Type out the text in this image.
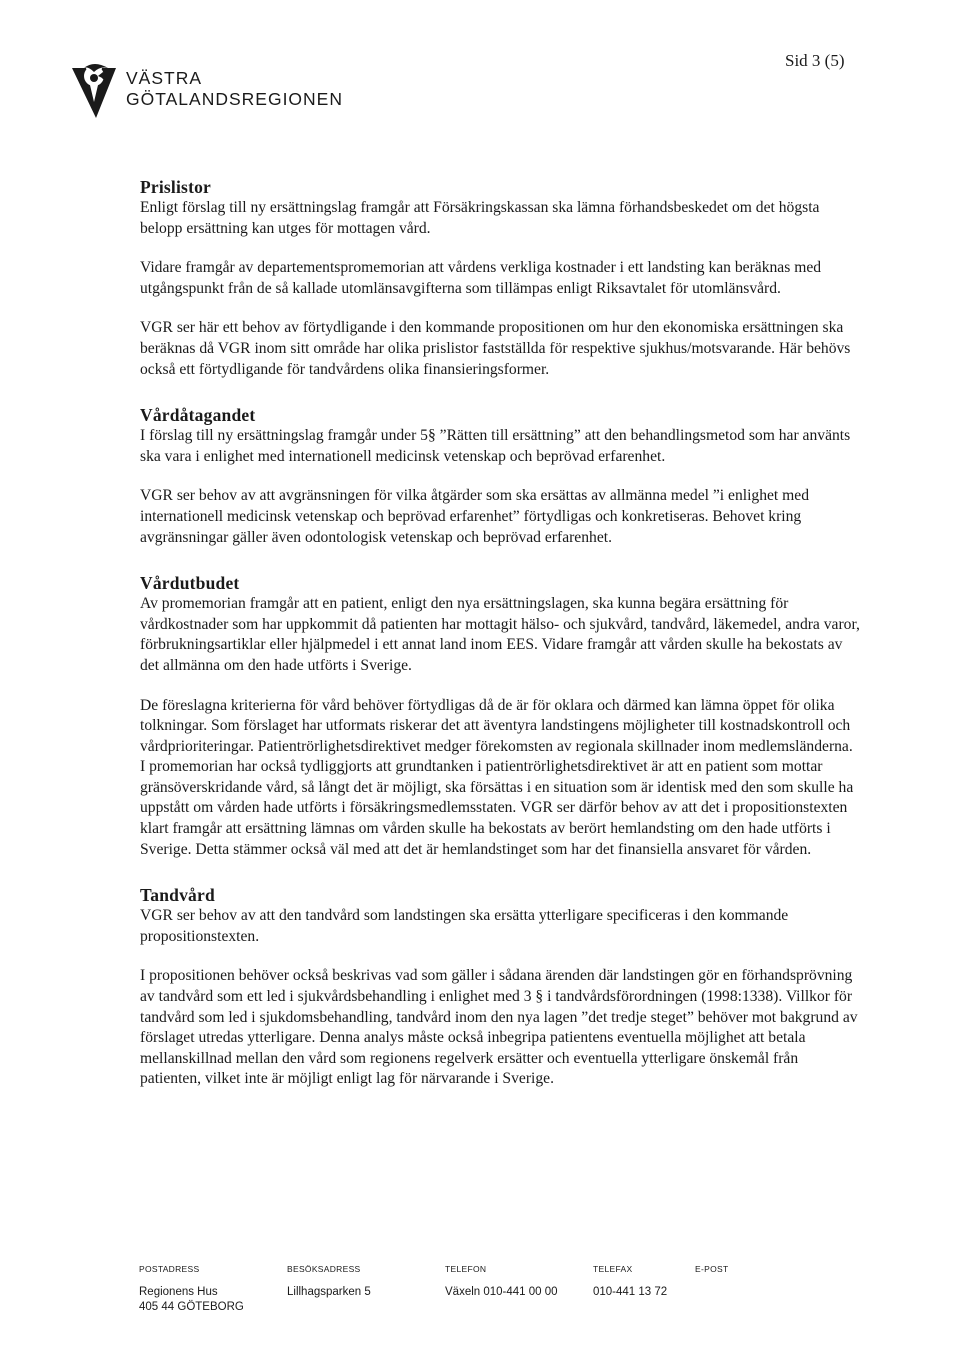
VÄSTRA
GÖTALANDSREGIONEN
Sid 3 (5)
Prislistor

Enligt förslag till ny ersättningslag framgår att Försäkringskassan ska lämna förhandsbeskedet om det högsta belopp ersättning kan utges för mottagen vård.

Vidare framgår av departementspromemorian att vårdens verkliga kostnader i ett landsting kan beräknas med utgångspunkt från de så kallade utomlänsavgifterna som tillämpas enligt Riksavtalet för utomlänsvård.

VGR ser här ett behov av förtydligande i den kommande propositionen om hur den ekonomiska ersättningen ska beräknas då VGR inom sitt område har olika prislistor fastställda för respektive sjukhus/motsvarande. Här behövs också ett förtydligande för tandvårdens olika finansieringsformer.

Vårdåtagandet

I förslag till ny ersättningslag framgår under 5§ ”Rätten till ersättning” att den behandlingsmetod som har använts ska vara i enlighet med internationell medicinsk vetenskap och beprövad erfarenhet.

VGR ser behov av att avgränsningen för vilka åtgärder som ska ersättas av allmänna medel ”i enlighet med internationell medicinsk vetenskap och beprövad erfarenhet” förtydligas och konkretiseras. Behovet kring avgränsningar gäller även odontologisk vetenskap och beprövad erfarenhet.

Vårdutbudet

Av promemorian framgår att en patient, enligt den nya ersättningslagen, ska kunna begära ersättning för vårdkostnader som har uppkommit då patienten har mottagit hälso- och sjukvård, tandvård, läkemedel, andra varor, förbrukningsartiklar eller hjälpmedel i ett annat land inom EES. Vidare framgår att vården skulle ha bekostats av det allmänna om den hade utförts i Sverige.

De föreslagna kriterierna för vård behöver förtydligas då de är för oklara och därmed kan lämna öppet för olika tolkningar. Som förslaget har utformats riskerar det att äventyra landstingens möjligheter till kostnadskontroll och vårdprioriteringar. Patientrörlighetsdirektivet medger förekomsten av regionala skillnader inom medlemsländerna. I promemorian har också tydliggjorts att grundtanken i patientrörlighetsdirektivet är att en patient som mottar gränsöverskridande vård, så långt det är möjligt, ska försättas i en situation som är identisk med den som skulle ha uppstått om vården hade utförts i försäkringsmedlemsstaten. VGR ser därför behov av att det i propositionstexten klart framgår att ersättning lämnas om vården skulle ha bekostats av berört hemlandsting om den hade utförts i Sverige. Detta stämmer också väl med att det är hemlandstinget som har det finansiella ansvaret för vården.

Tandvård

VGR ser behov av att den tandvård som landstingen ska ersätta ytterligare specificeras i den kommande propositionstexten.

I propositionen behöver också beskrivas vad som gäller i sådana ärenden där landstingen gör en förhandsprövning av tandvård som ett led i sjukvårdsbehandling i enlighet med 3 § i tandvårdsförordningen (1998:1338). Villkor för tandvård som led i sjukdomsbehandling, tandvård inom den nya lagen ”det tredje steget” behöver mot bakgrund av förslaget utredas ytterligare. Denna analys måste också inbegripa patientens eventuella möjlighet att betala mellanskillnad mellan den vård som regionens regelverk ersätter och eventuella ytterligare önskemål från patienten, vilket inte är möjligt enligt lag för närvarande i Sverige.

POSTADRESS
Regionens Hus
405 44 GÖTEBORG
BESÖKSADRESS
Lillhagsparken 5
TELEFON
Växeln 010-441 00 00
TELEFAX
010-441 13 72
E-POST
